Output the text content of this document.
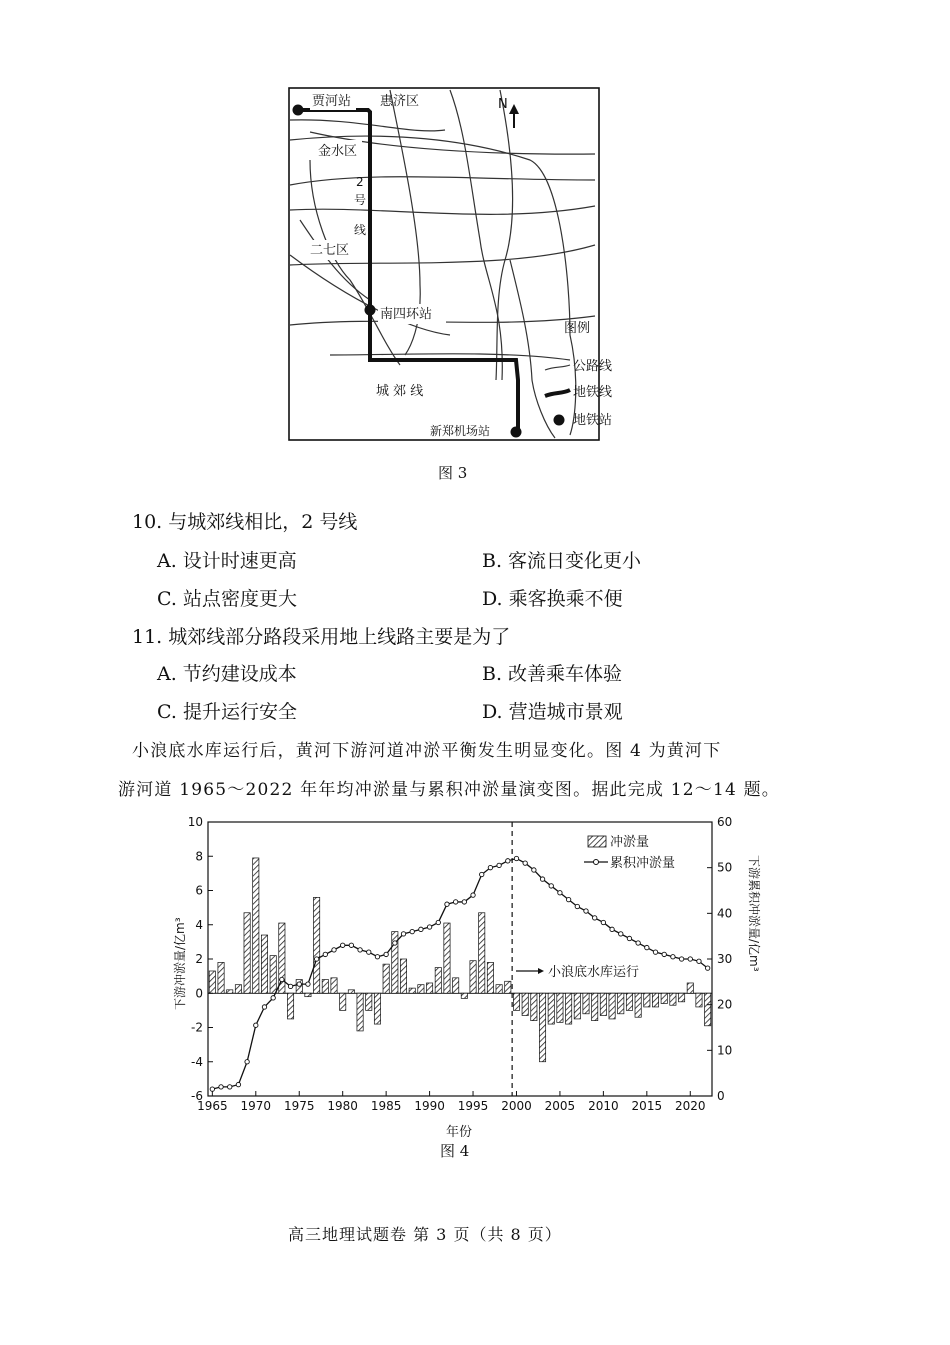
贾河站 惠济区
金水区
2
号
线
二七区
南四环站
城 郊 线
新郑机场站
N
图例
公路线
地铁线
地铁站
图 3
10. 与城郊线相比，2 号线
A. 设计时速更高	B. 客流日变化更小
C. 站点密度更大	D. 乘客换乘不便
11. 城郊线部分路段采用地上线路主要是为了
A. 节约建设成本	B. 改善乘车体验
C. 提升运行安全	D. 营造城市景观
小浪底水库运行后，黄河下游河道冲淤平衡发生明显变化。图 4 为黄河下
游河道 1965～2022 年年均冲淤量与累积冲淤量演变图。据此完成 12～14 题。
-6
-4
-2
0
2
4
6
8
10
0
10
20
30
40
50
60
1965 1970 1975 1980 1985 1990 1995 2000 2005 2010 2015 2020
下游冲淤量/亿m³	下游累积冲淤量/亿m³
年份
冲淤量
累积冲淤量
小浪底水库运行
图 4
高三地理试题卷 第 3 页（共 8 页）
